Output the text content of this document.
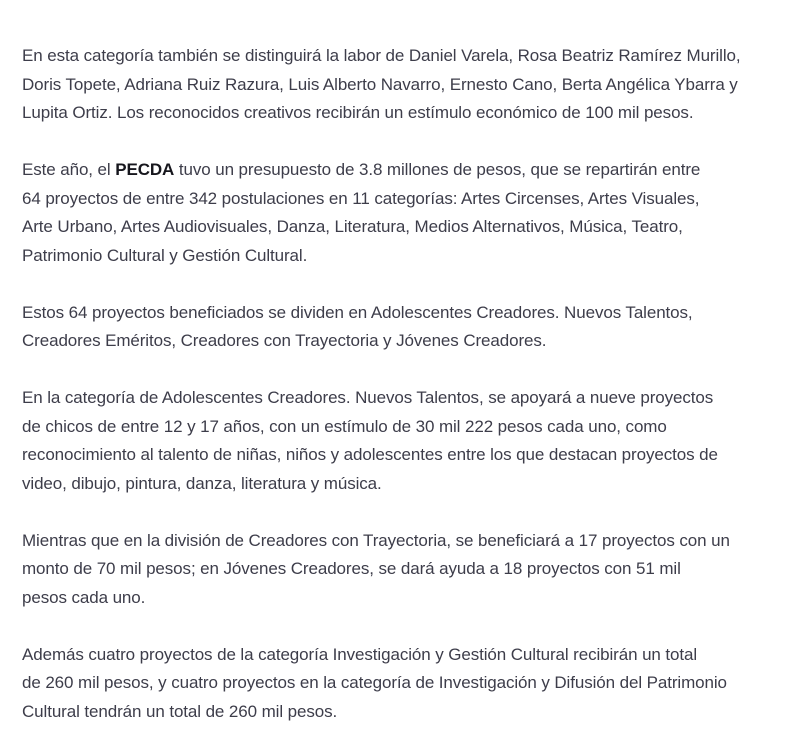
En esta categoría también se distinguirá la labor de Daniel Varela, Rosa Beatriz Ramírez Murillo,
Doris Topete, Adriana Ruiz Razura, Luis Alberto Navarro, Ernesto Cano, Berta Angélica Ybarra y
Lupita Ortiz. Los reconocidos creativos recibirán un estímulo económico de 100 mil pesos.

Este año, el PECDA tuvo un presupuesto de 3.8 millones de pesos, que se repartirán entre
64 proyectos de entre 342 postulaciones en 11 categorías: Artes Circenses, Artes Visuales,
Arte Urbano, Artes Audiovisuales, Danza, Literatura, Medios Alternativos, Música, Teatro,
Patrimonio Cultural y Gestión Cultural.

Estos 64 proyectos beneficiados se dividen en Adolescentes Creadores. Nuevos Talentos,
Creadores Eméritos, Creadores con Trayectoria y Jóvenes Creadores.

En la categoría de Adolescentes Creadores. Nuevos Talentos, se apoyará a nueve proyectos
de chicos de entre 12 y 17 años, con un estímulo de 30 mil 222 pesos cada uno, como
reconocimiento al talento de niñas, niños y adolescentes entre los que destacan proyectos de
video, dibujo, pintura, danza, literatura y música.

Mientras que en la división de Creadores con Trayectoria, se beneficiará a 17 proyectos con un
monto de 70 mil pesos; en Jóvenes Creadores, se dará ayuda a 18 proyectos con 51 mil
pesos cada uno.

Además cuatro proyectos de la categoría Investigación y Gestión Cultural recibirán un total
de 260 mil pesos, y cuatro proyectos en la categoría de Investigación y Difusión del Patrimonio
Cultural tendrán un total de 260 mil pesos.
